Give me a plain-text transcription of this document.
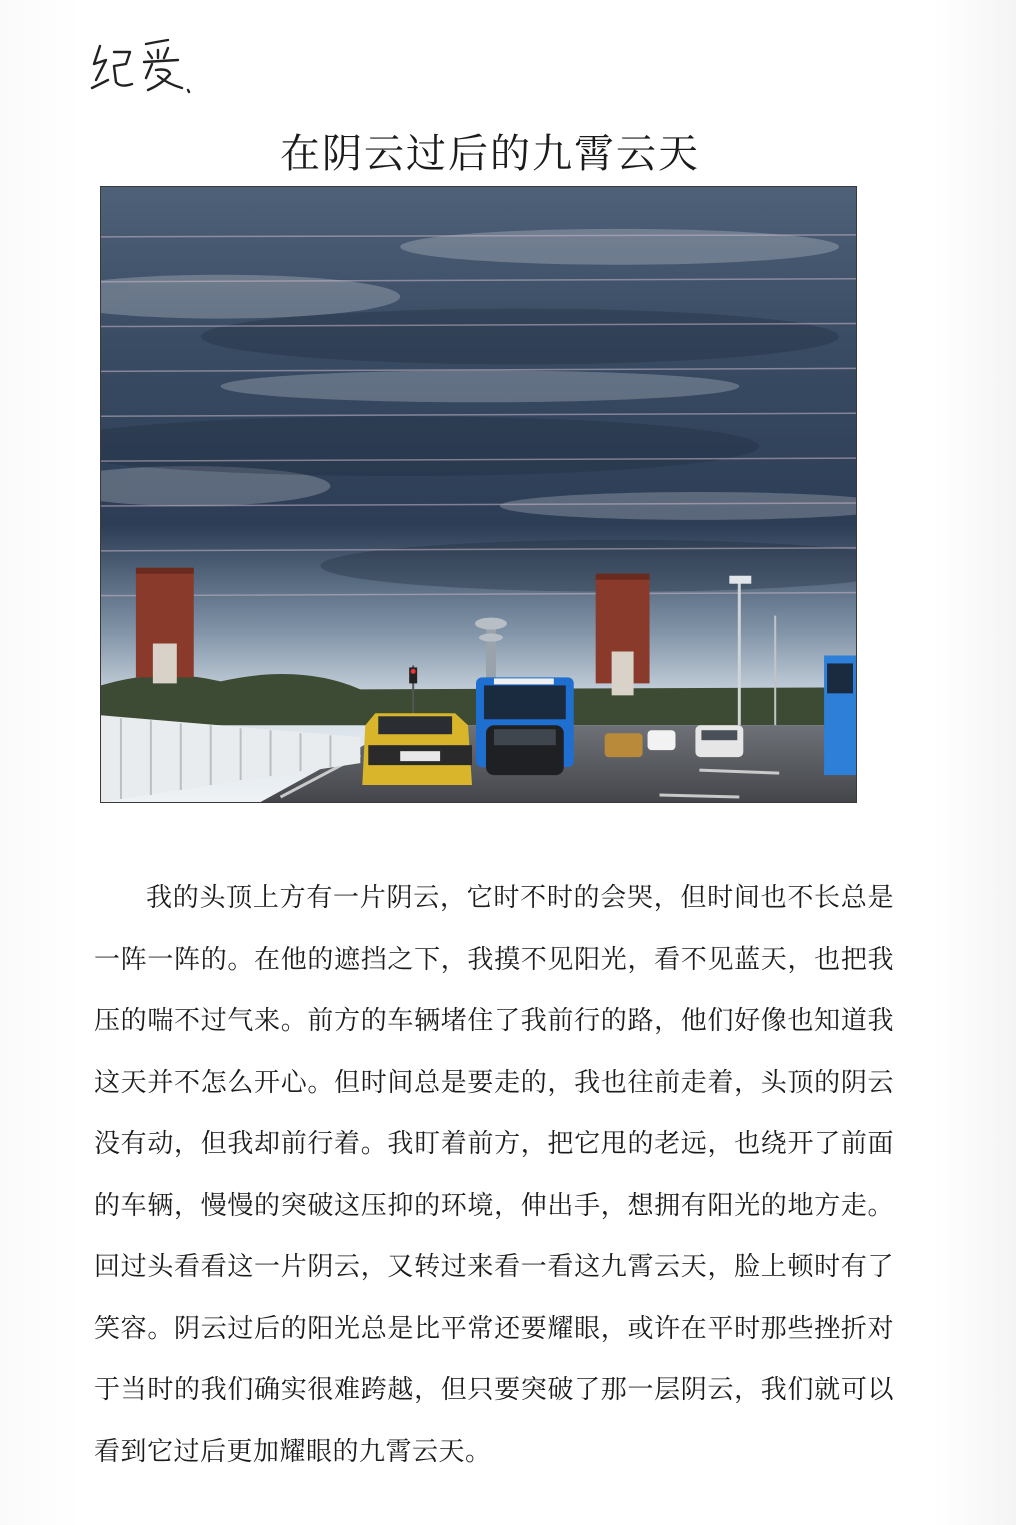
在阴云过后的九霄云天

我的头顶上方有一片阴云，它时不时的会哭，但时间也不长总是一阵一阵的。在他的遮挡之下，我摸不见阳光，看不见蓝天，也把我压的喘不过气来。前方的车辆堵住了我前行的路，他们好像也知道我这天并不怎么开心。但时间总是要走的，我也往前走着，头顶的阴云没有动，但我却前行着。我盯着前方，把它甩的老远，也绕开了前面的车辆，慢慢的突破这压抑的环境，伸出手，想拥有阳光的地方走。回过头看看这一片阴云，又转过来看一看这九霄云天，脸上顿时有了笑容。阴云过后的阳光总是比平常还要耀眼，或许在平时那些挫折对于当时的我们确实很难跨越，但只要突破了那一层阴云，我们就可以看到它过后更加耀眼的九霄云天。
